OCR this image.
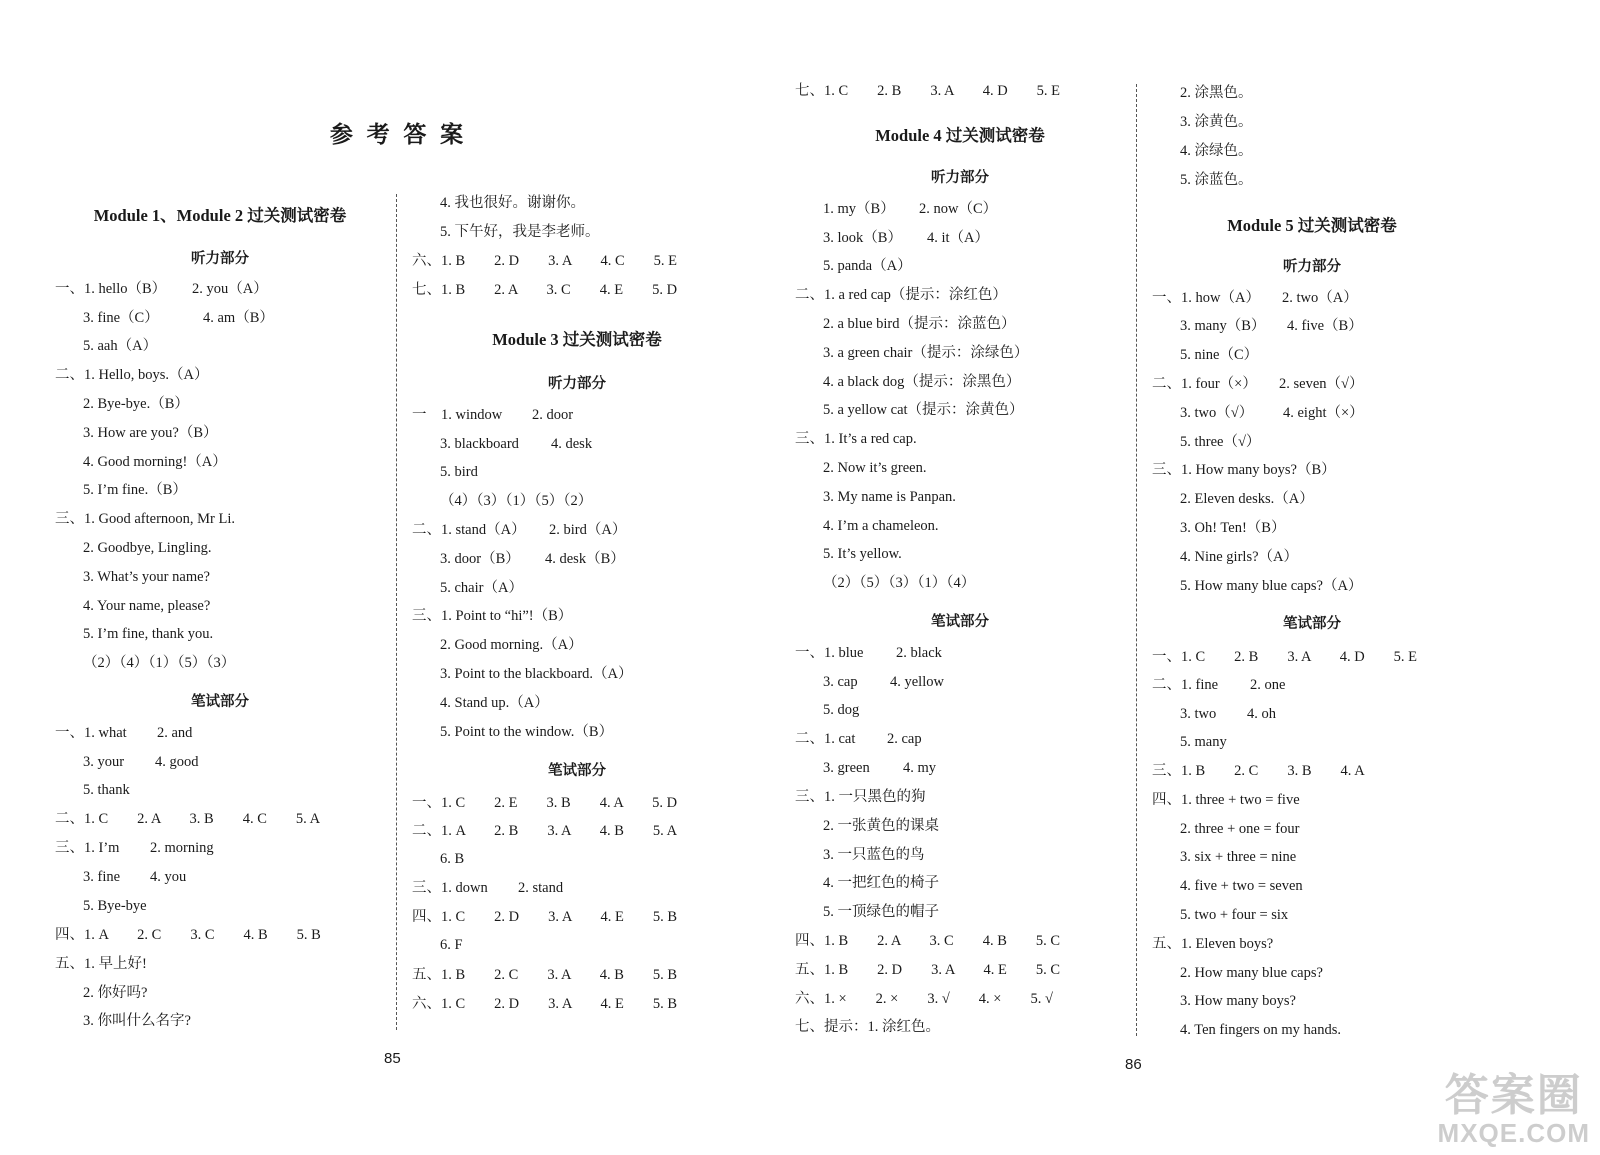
参 考 答 案
Module 1、Module 2 过关测试密卷
听力部分
一、1. hello（B） 2. you（A）
3. fine（C）	4. am（B）
5. aah（A）
二、1. Hello, boys.（A）
2. Bye-bye.（B）
3. How are you?（B）
4. Good morning!（A）
5. I’m fine.（B）
三、1. Good afternoon, Mr Li.
2. Goodbye, Lingling.
3. What’s your name?
4. Your name, please?
5. I’m fine, thank you.
（2）（4）（1）（5）（3）
笔试部分
一、1. what 2. and
3. your 4. good
5. thank
二、1. C　　2. A　　3. B　　4. C　　5. A
三、1. I’m 2. morning
3. fine 4. you
5. Bye-bye
四、1. A　　2. C　　3. C　　4. B　　5. B
五、1. 早上好!
2. 你好吗?
3. 你叫什么名字?
4. 我也很好。谢谢你。
5. 下午好，我是李老师。
六、1. B　　2. D　　3. A　　4. C　　5. E
七、1. B　　2. A　　3. C　　4. E　　5. D
Module 3 过关测试密卷
听力部分
一　1. window 2. door
3. blackboard 4. desk
5. bird
（4）（3）（1）（5）（2）
二、1. stand（A） 2. bird（A）
3. door（B） 4. desk（B）
5. chair（A）
三、1. Point to “hi”!（B）
2. Good morning.（A）
3. Point to the blackboard.（A）
4. Stand up.（A）
5. Point to the window.（B）
笔试部分
一、1. C　　2. E　　3. B　　4. A　　5. D
二、1. A　　2. B　　3. A　　4. B　　5. A
6. B
三、1. down 2. stand
四、1. C　　2. D　　3. A　　4. E　　5. B
6. F
五、1. B　　2. C　　3. A　　4. B　　5. B
六、1. C　　2. D　　3. A　　4. E　　5. B
85
七、1. C　　2. B　　3. A　　4. D　　5. E
Module 4 过关测试密卷
听力部分
1. my（B） 2. now（C）
3. look（B） 4. it（A）
5. panda（A）
二、1. a red cap（提示：涂红色）
2. a blue bird（提示：涂蓝色）
3. a green chair（提示：涂绿色）
4. a black dog（提示：涂黑色）
5. a yellow cat（提示：涂黄色）
三、1. It’s a red cap.
2. Now it’s green.
3. My name is Panpan.
4. I’m a chameleon.
5. It’s yellow.
（2）（5）（3）（1）（4）
笔试部分
一、1. blue 2. black
3. cap 4. yellow
5. dog
二、1. cat 2. cap
3. green 4. my
三、1. 一只黑色的狗
2. 一张黄色的课桌
3. 一只蓝色的鸟
4. 一把红色的椅子
5. 一顶绿色的帽子
四、1. B　　2. A　　3. C　　4. B　　5. C
五、1. B　　2. D　　3. A　　4. E　　5. C
六、1. ×　　2. ×　　3. √　　4. ×　　5. √
七、提示：1. 涂红色。
2. 涂黑色。
3. 涂黄色。
4. 涂绿色。
5. 涂蓝色。
Module 5 过关测试密卷
听力部分
一、1. how（A） 2. two（A）
3. many（B） 4. five（B）
5. nine（C）
二、1. four（×） 2. seven（√）
3. two（√） 4. eight（×）
5. three（√）
三、1. How many boys?（B）
2. Eleven desks.（A）
3. Oh! Ten!（B）
4. Nine girls?（A）
5. How many blue caps?（A）
笔试部分
一、1. C　　2. B　　3. A　　4. D　　5. E
二、1. fine 2. one
3. two 4. oh
5. many
三、1. B　　2. C　　3. B　　4. A
四、1. three + two = five
2. three + one = four
3. six + three = nine
4. five + two = seven
5. two + four = six
五、1. Eleven boys?
2. How many blue caps?
3. How many boys?
4. Ten fingers on my hands.
86
答案圈
MXQE.COM
